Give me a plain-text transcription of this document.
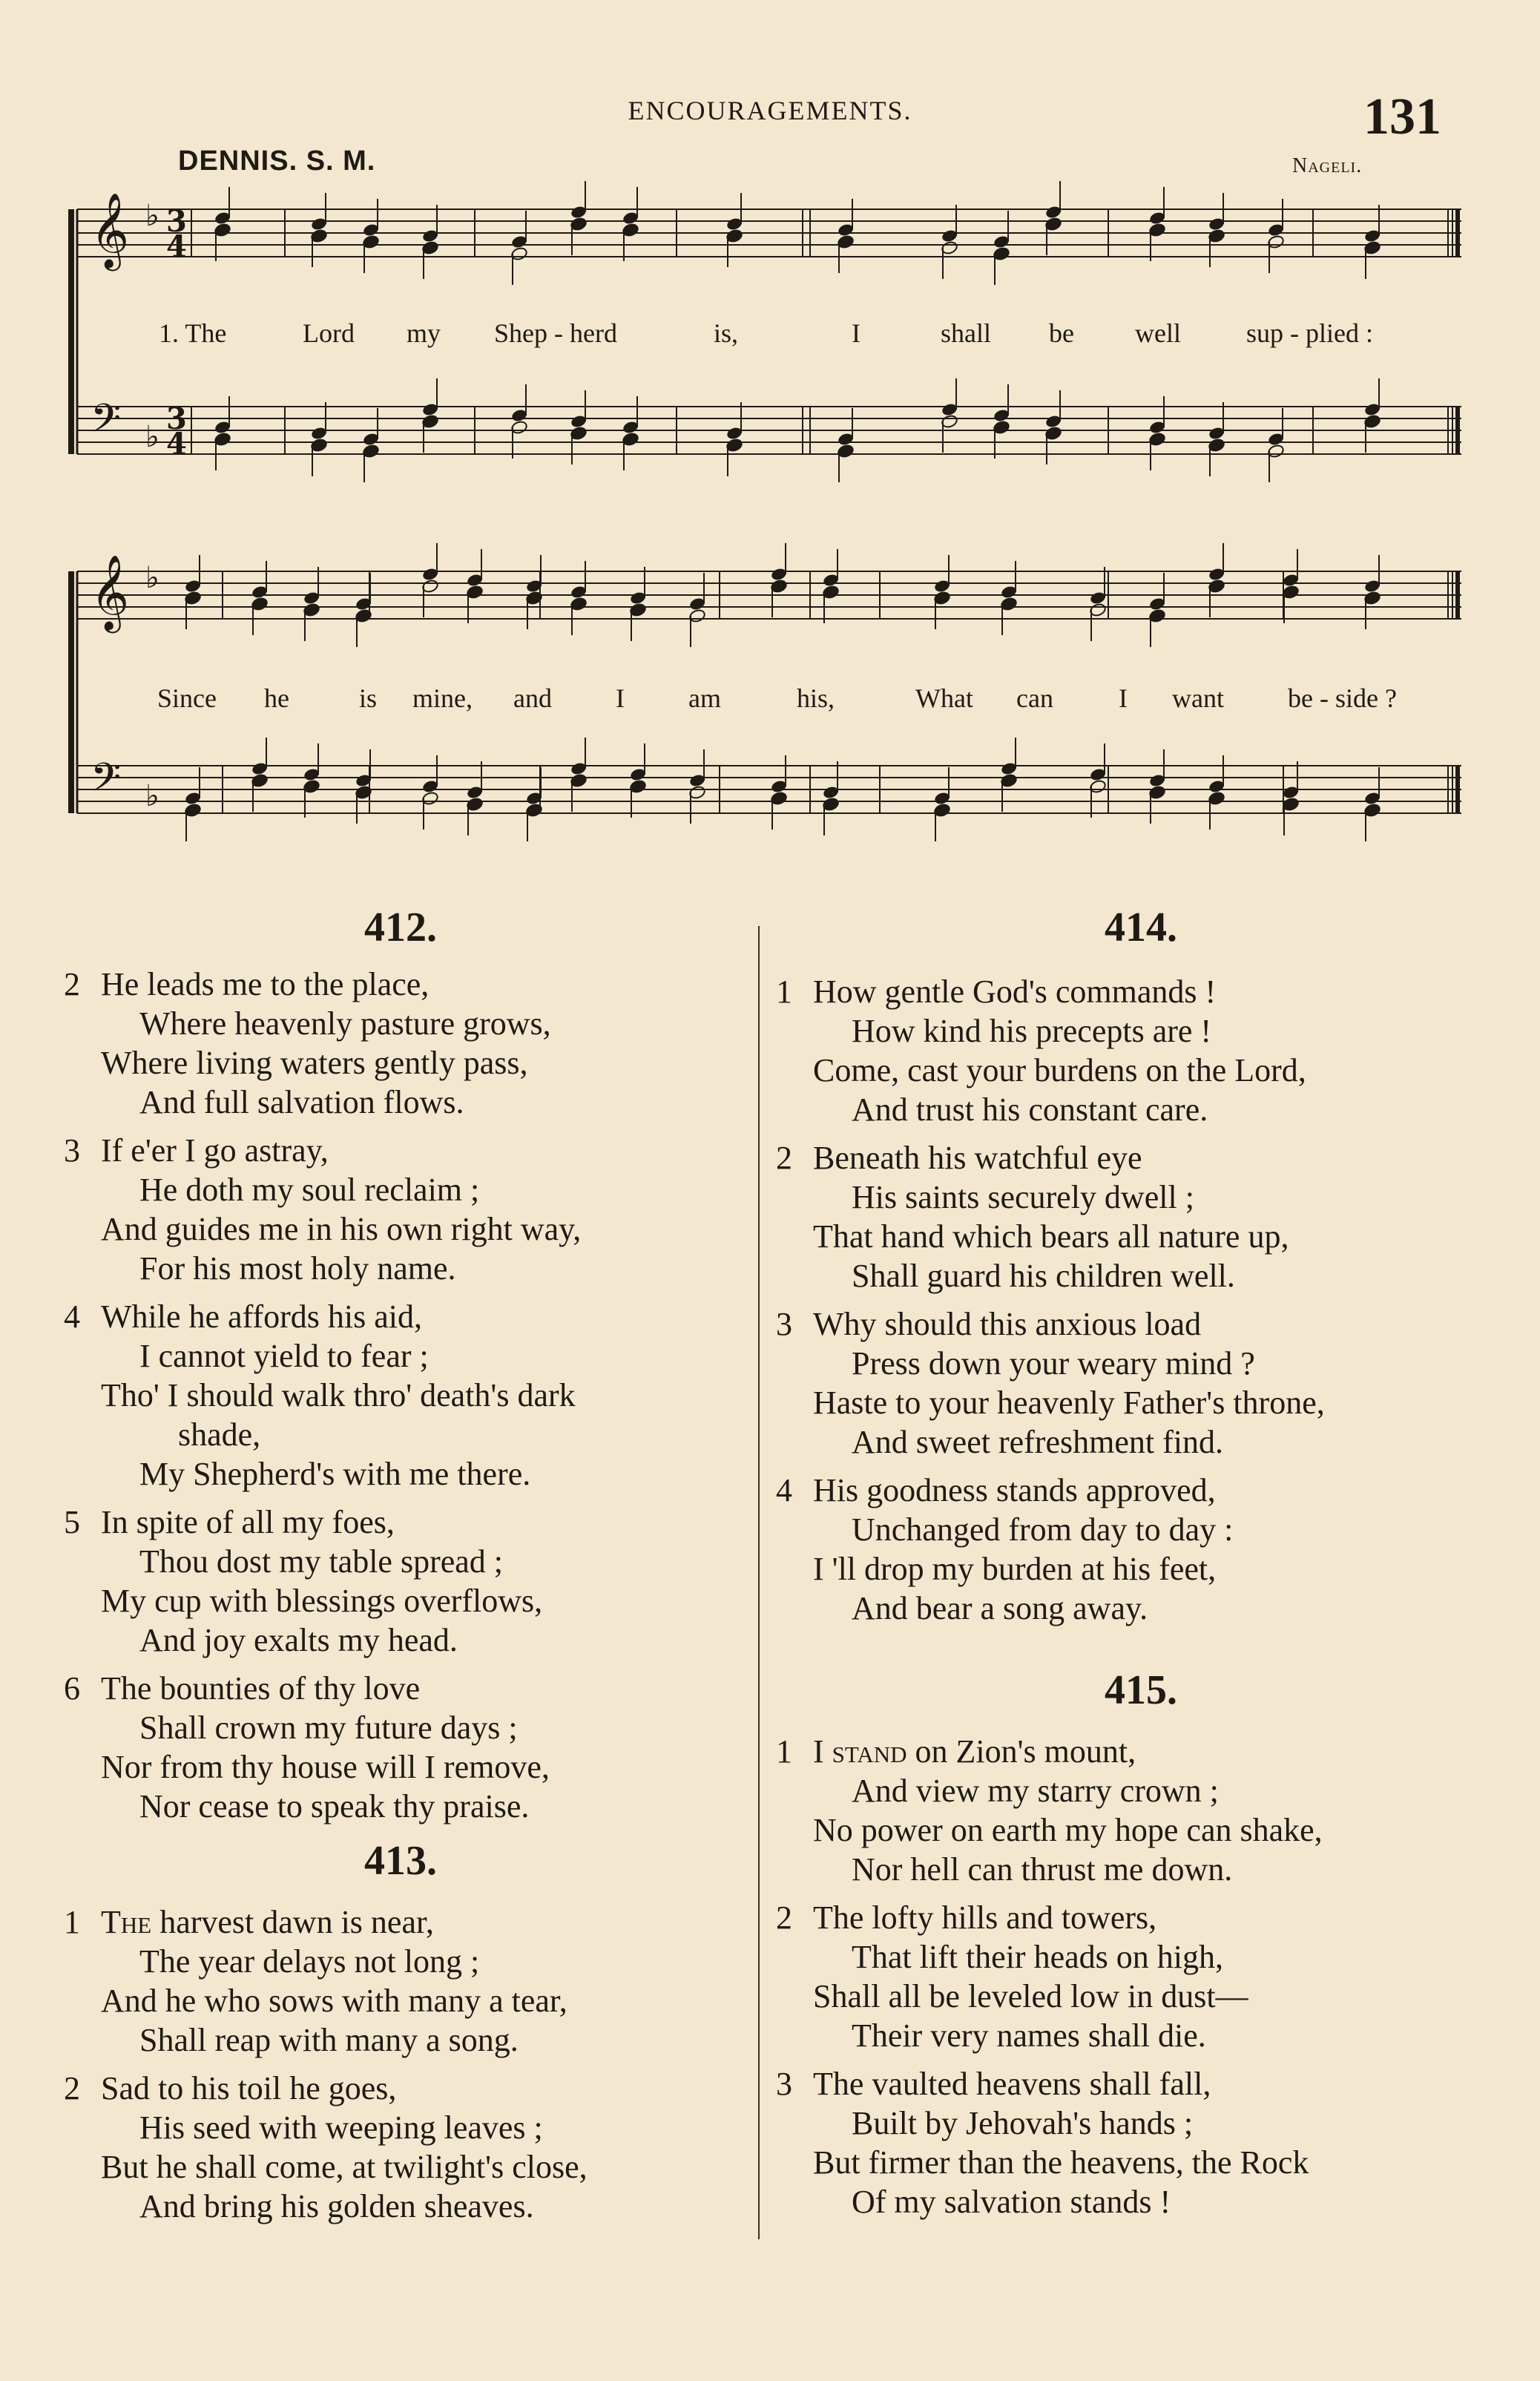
ENCOURAGEMENTS.	131
DENNIS. S. M.	Nageli.
𝄞 ♭ 3
4
𝄢 ♭
3
4
𝄞 ♭
𝄢 ♭
1. The	Lord my Shep - herd	is,	I	shall be well sup - plied :
Since he	is mine, and I am	his,	What can I want be - side ?
412.
2 He leads me to the place,
Where heavenly pasture grows,
Where living waters gently pass,
And full salvation flows.
3 If e'er I go astray,
He doth my soul reclaim ;
And guides me in his own right way,
For his most holy name.
4 While he affords his aid,
I cannot yield to fear ;
Tho' I should walk thro' death's dark
shade,
My Shepherd's with me there.
5 In spite of all my foes,
Thou dost my table spread ;
My cup with blessings overflows,
And joy exalts my head.
6 The bounties of thy love
Shall crown my future days ;
Nor from thy house will I remove,
Nor cease to speak thy praise.
413.
1 The harvest dawn is near,
The year delays not long ;
And he who sows with many a tear,
Shall reap with many a song.
2 Sad to his toil he goes,
His seed with weeping leaves ;
But he shall come, at twilight's close,
And bring his golden sheaves.
414.
1 How gentle God's commands !
How kind his precepts are !
Come, cast your burdens on the Lord,
And trust his constant care.
2 Beneath his watchful eye
His saints securely dwell ;
That hand which bears all nature up,
Shall guard his children well.
3 Why should this anxious load
Press down your weary mind ?
Haste to your heavenly Father's throne,
And sweet refreshment find.
4 His goodness stands approved,
Unchanged from day to day :
I 'll drop my burden at his feet,
And bear a song away.
415.
1 I stand on Zion's mount,
And view my starry crown ;
No power on earth my hope can shake,
Nor hell can thrust me down.
2 The lofty hills and towers,
That lift their heads on high,
Shall all be leveled low in dust—
Their very names shall die.
3 The vaulted heavens shall fall,
Built by Jehovah's hands ;
But firmer than the heavens, the Rock
Of my salvation stands !
